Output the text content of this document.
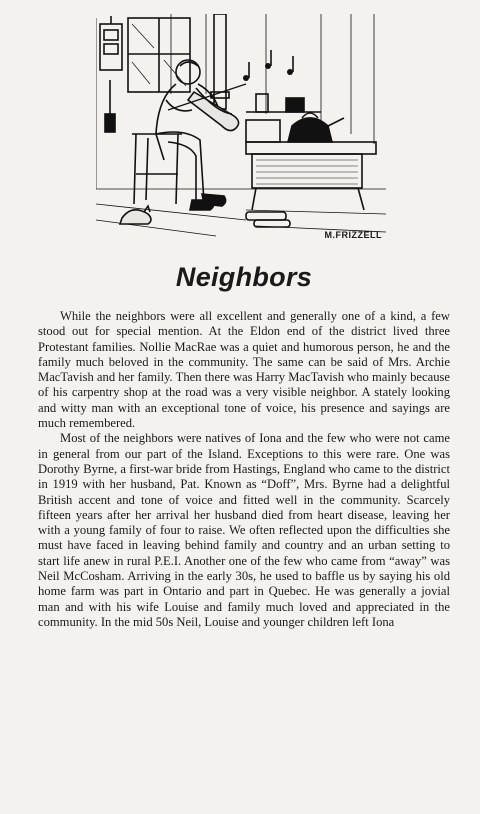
M.FRIZZELL
Neighbors

While the neighbors were all excellent and generally one of a kind, a few stood out for special mention. At the Eldon end of the district lived three Protestant families. Nollie MacRae was a quiet and humorous person, he and the family much beloved in the community. The same can be said of Mrs. Archie MacTavish and her family. Then there was Harry MacTavish who mainly because of his carpentry shop at the road was a very visible neighbor. A stately looking and witty man with an exceptional tone of voice, his presence and sayings are much remembered.

Most of the neighbors were natives of Iona and the few who were not came in general from our part of the Island. Exceptions to this were rare. One was Dorothy Byrne, a first-war bride from Hastings, England who came to the district in 1919 with her husband, Pat. Known as “Doff”, Mrs. Byrne had a delightful British accent and tone of voice and fitted well in the community. Scarcely fifteen years after her arrival her husband died from heart disease, leaving her with a young family of four to raise. We often reflected upon the difficulties she must have faced in leaving behind family and country and an urban setting to start life anew in rural P.E.I. Another one of the few who came from “away” was Neil McCosham. Arriving in the early 30s, he used to baffle us by saying his old home farm was part in Ontario and part in Quebec. He was generally a jovial man and with his wife Louise and family much loved and appreciated in the community. In the mid 50s Neil, Louise and younger children left Iona
